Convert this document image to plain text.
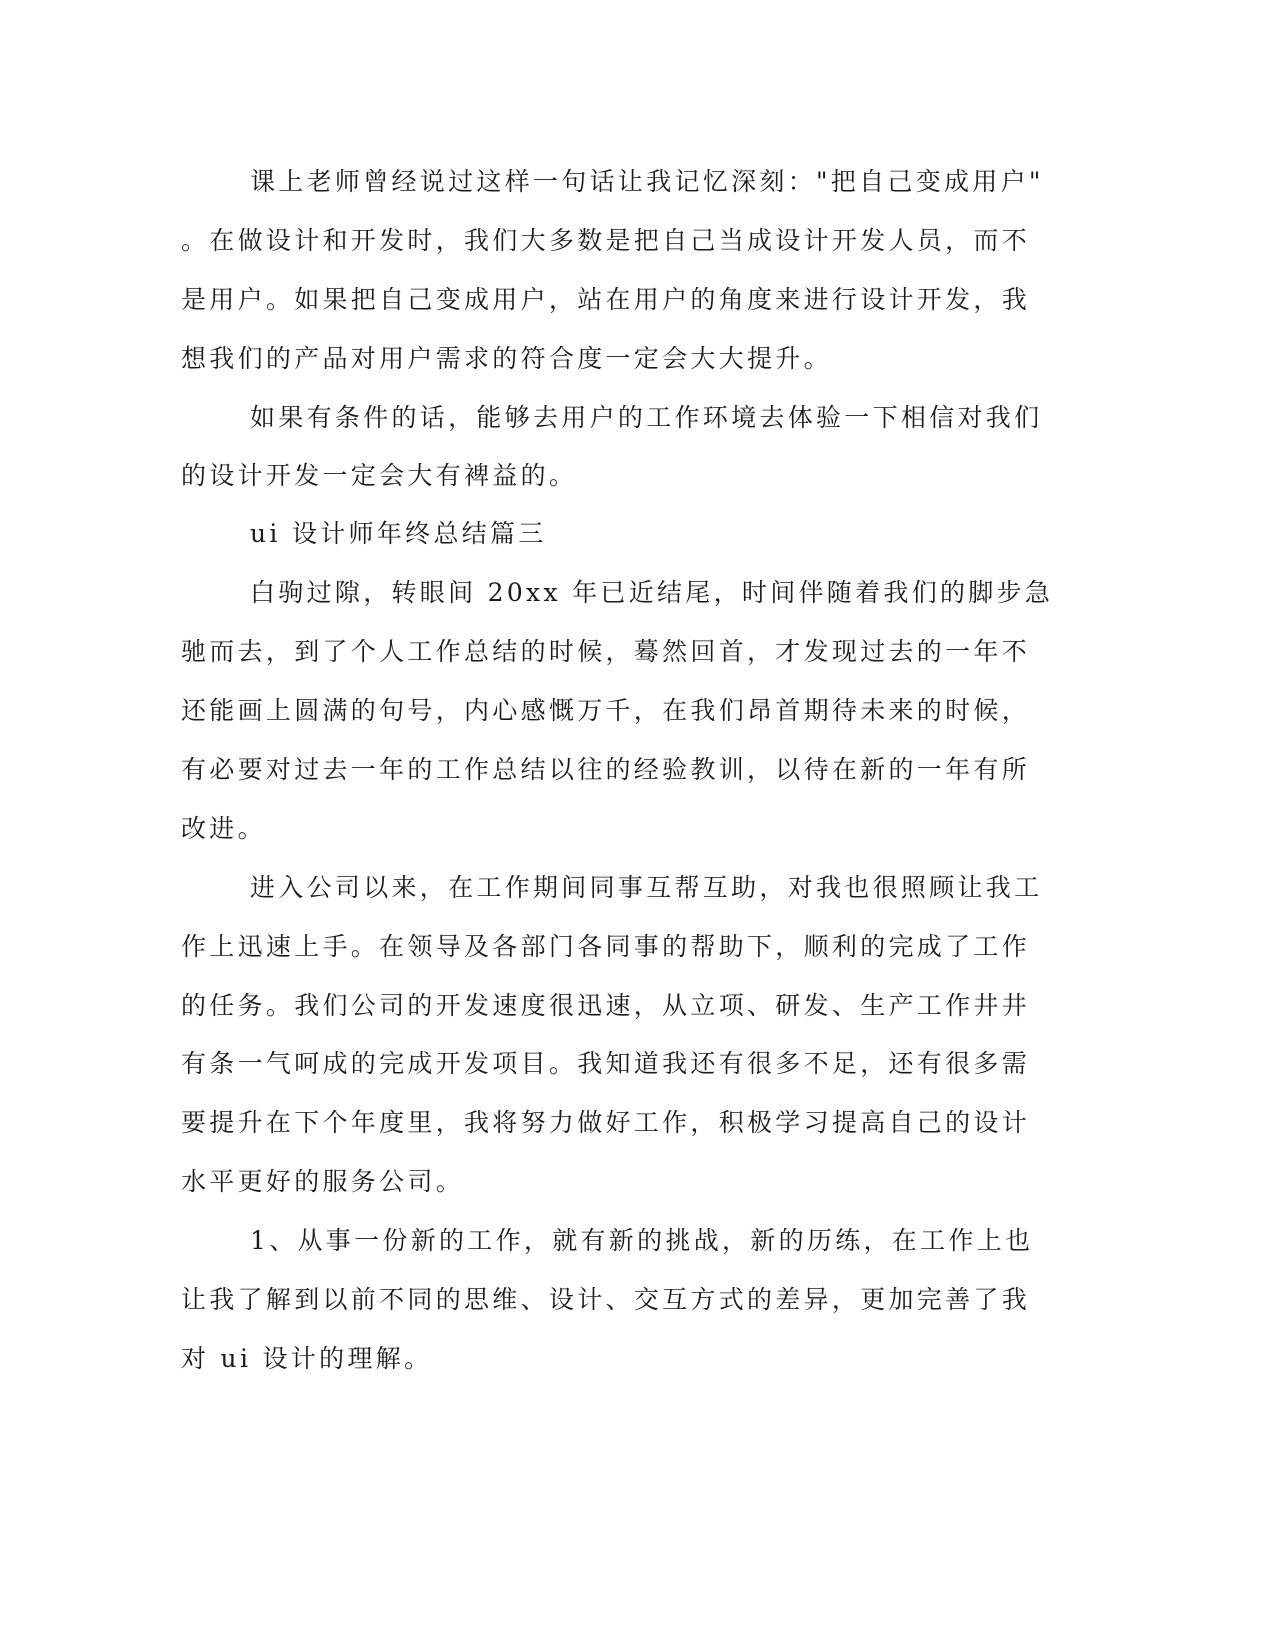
课上老师曾经说过这样一句话让我记忆深刻："把自己变成用户"
。在做设计和开发时，我们大多数是把自己当成设计开发人员，而不
是用户。如果把自己变成用户，站在用户的角度来进行设计开发，我
想我们的产品对用户需求的符合度一定会大大提升。
如果有条件的话，能够去用户的工作环境去体验一下相信对我们
的设计开发一定会大有裨益的。
ui 设计师年终总结篇三
白驹过隙，转眼间 20xx 年已近结尾，时间伴随着我们的脚步急
驰而去，到了个人工作总结的时候，蓦然回首，才发现过去的一年不
还能画上圆满的句号，内心感慨万千，在我们昂首期待未来的时候，
有必要对过去一年的工作总结以往的经验教训，以待在新的一年有所
改进。
进入公司以来，在工作期间同事互帮互助，对我也很照顾让我工
作上迅速上手。在领导及各部门各同事的帮助下，顺利的完成了工作
的任务。我们公司的开发速度很迅速，从立项、研发、生产工作井井
有条一气呵成的完成开发项目。我知道我还有很多不足，还有很多需
要提升在下个年度里，我将努力做好工作，积极学习提高自己的设计
水平更好的服务公司。
1、从事一份新的工作，就有新的挑战，新的历练，在工作上也
让我了解到以前不同的思维、设计、交互方式的差异，更加完善了我
对 ui 设计的理解。
